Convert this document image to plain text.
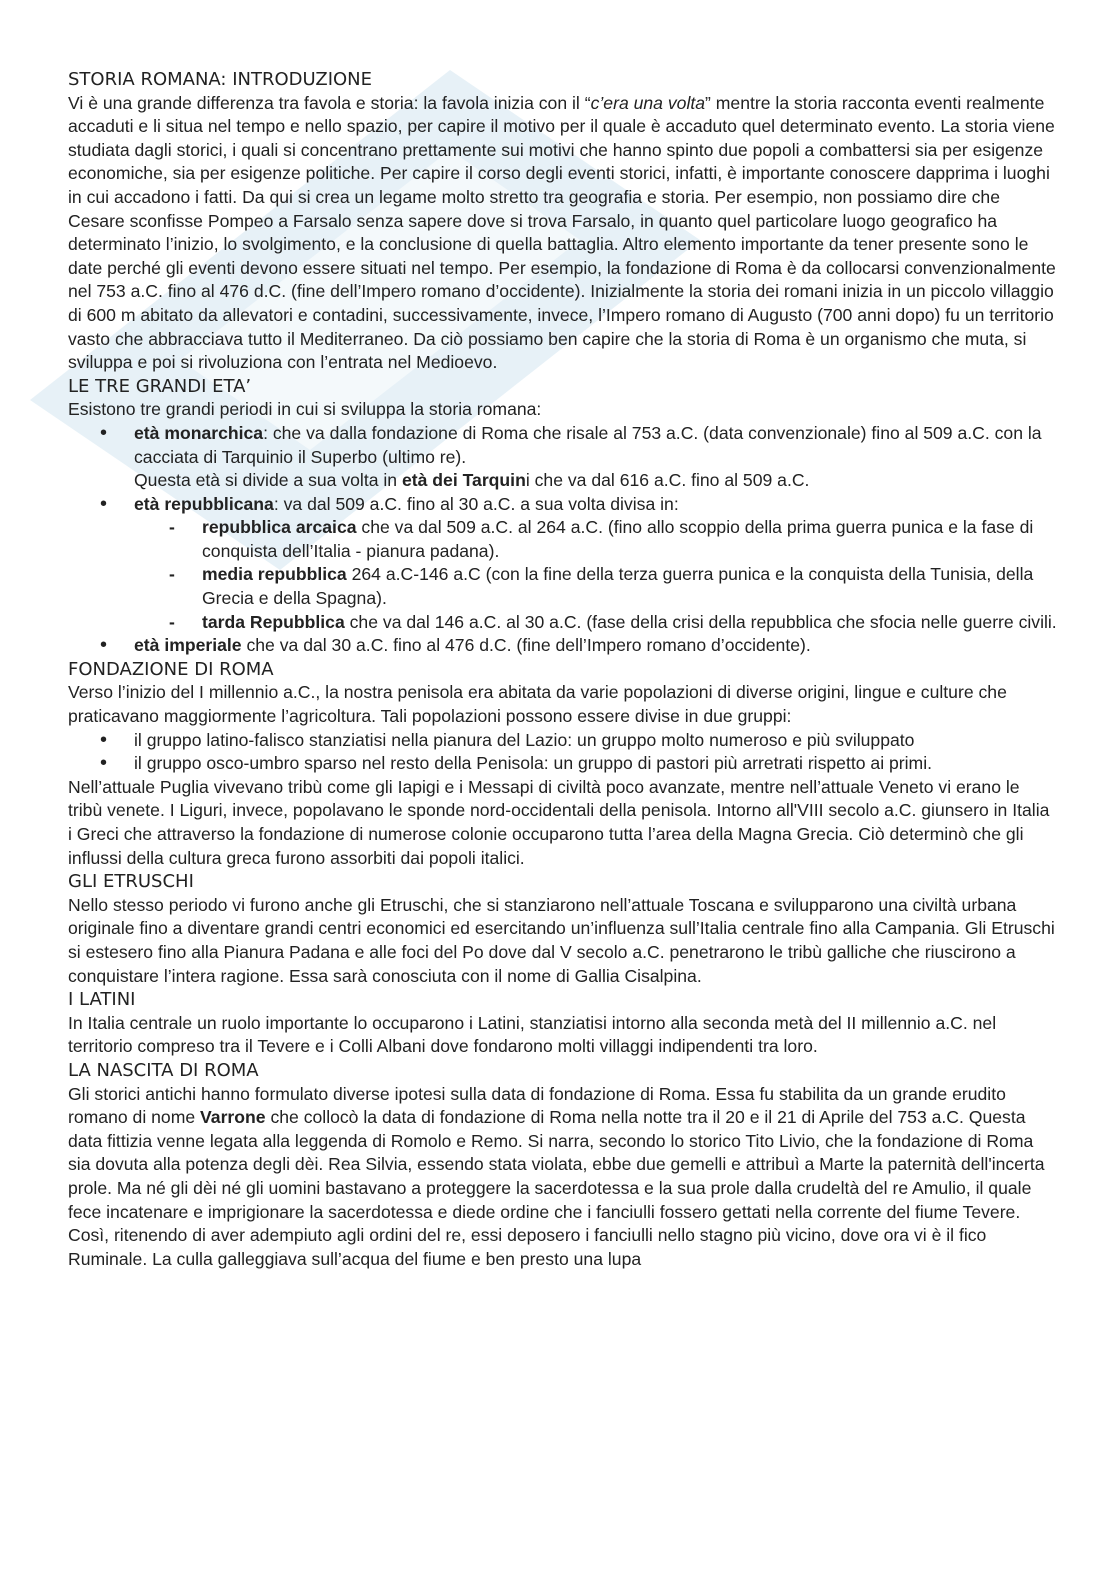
STORIA ROMANA: INTRODUZIONE

Vi è una grande differenza tra favola e storia: la favola inizia con il “c’era una volta” mentre la storia racconta eventi realmente accaduti e li situa nel tempo e nello spazio, per capire il motivo per il quale è accaduto quel determinato evento. La storia viene studiata dagli storici, i quali si concentrano prettamente sui motivi che hanno spinto due popoli a combattersi sia per esigenze economiche, sia per esigenze politiche. Per capire il corso degli eventi storici, infatti, è importante conoscere dapprima i luoghi in cui accadono i fatti. Da qui si crea un legame molto stretto tra geografia e storia. Per esempio, non possiamo dire che Cesare sconfisse Pompeo a Farsalo senza sapere dove si trova Farsalo, in quanto quel particolare luogo geografico ha determinato l’inizio, lo svolgimento, e la conclusione di quella battaglia. Altro elemento importante da tener presente sono le date perché gli eventi devono essere situati nel tempo. Per esempio, la fondazione di Roma è da collocarsi convenzionalmente nel 753 a.C. fino al 476 d.C. (fine dell’Impero romano d’occidente). Inizialmente la storia dei romani inizia in un piccolo villaggio di 600 m abitato da allevatori e contadini, successivamente, invece, l’Impero romano di Augusto (700 anni dopo) fu un territorio vasto che abbracciava tutto il Mediterraneo. Da ciò possiamo ben capire che la storia di Roma è un organismo che muta, si sviluppa e poi si rivoluziona con l’entrata nel Medioevo.

LE TRE GRANDI ETA’

Esistono tre grandi periodi in cui si sviluppa la storia romana:

• età monarchica: che va dalla fondazione di Roma che risale al 753 a.C. (data convenzionale) fino al 509 a.C. con la cacciata di Tarquinio il Superbo (ultimo re).

Questa età si divide a sua volta in età dei Tarquini che va dal 616 a.C. fino al 509 a.C.

• età repubblicana: va dal 509 a.C. fino al 30 a.C. a sua volta divisa in:
- repubblica arcaica che va dal 509 a.C. al 264 a.C. (fino allo scoppio della prima guerra punica e la fase di conquista dell’Italia - pianura padana).
- media repubblica 264 a.C-146 a.C (con la fine della terza guerra punica e la conquista della Tunisia, della Grecia e della Spagna).
- tarda Repubblica che va dal 146 a.C. al 30 a.C. (fase della crisi della repubblica che sfocia nelle guerre civili.
• età imperiale che va dal 30 a.C. fino al 476 d.C. (fine dell’Impero romano d’occidente).
FONDAZIONE DI ROMA

Verso l’inizio del I millennio a.C., la nostra penisola era abitata da varie popolazioni di diverse origini, lingue e culture che praticavano maggiormente l’agricoltura. Tali popolazioni possono essere divise in due gruppi:

• il gruppo latino-falisco stanziatisi nella pianura del Lazio: un gruppo molto numeroso e più sviluppato
• il gruppo osco-umbro sparso nel resto della Penisola: un gruppo di pastori più arretrati rispetto ai primi.

Nell’attuale Puglia vivevano tribù come gli Iapigi e i Messapi di civiltà poco avanzate, mentre nell’attuale Veneto vi erano le tribù venete. I Liguri, invece, popolavano le sponde nord-occidentali della penisola. Intorno all'VIII secolo a.C. giunsero in Italia i Greci che attraverso la fondazione di numerose colonie occuparono tutta l’area della Magna Grecia. Ciò determinò che gli influssi della cultura greca furono assorbiti dai popoli italici.

GLI ETRUSCHI

Nello stesso periodo vi furono anche gli Etruschi, che si stanziarono nell’attuale Toscana e svilupparono una civiltà urbana originale fino a diventare grandi centri economici ed esercitando un’influenza sull’Italia centrale fino alla Campania. Gli Etruschi si estesero fino alla Pianura Padana e alle foci del Po dove dal V secolo a.C. penetrarono le tribù galliche che riuscirono a conquistare l’intera ragione. Essa sarà conosciuta con il nome di Gallia Cisalpina.

I LATINI

In Italia centrale un ruolo importante lo occuparono i Latini, stanziatisi intorno alla seconda metà del II millennio a.C. nel territorio compreso tra il Tevere e i Colli Albani dove fondarono molti villaggi indipendenti tra loro.

LA NASCITA DI ROMA

Gli storici antichi hanno formulato diverse ipotesi sulla data di fondazione di Roma. Essa fu stabilita da un grande erudito romano di nome Varrone che collocò la data di fondazione di Roma nella notte tra il 20 e il 21 di Aprile del 753 a.C. Questa data fittizia venne legata alla leggenda di Romolo e Remo. Si narra, secondo lo storico Tito Livio, che la fondazione di Roma sia dovuta alla potenza degli dèi. Rea Silvia, essendo stata violata, ebbe due gemelli e attribuì a Marte la paternità dell'incerta prole. Ma né gli dèi né gli uomini bastavano a proteggere la sacerdotessa e la sua prole dalla crudeltà del re Amulio, il quale fece incatenare e imprigionare la sacerdotessa e diede ordine che i fanciulli fossero gettati nella corrente del fiume Tevere. Così, ritenendo di aver adempiuto agli ordini del re, essi deposero i fanciulli nello stagno più vicino, dove ora vi è il fico Ruminale. La culla galleggiava sull’acqua del fiume e ben presto una lupa
